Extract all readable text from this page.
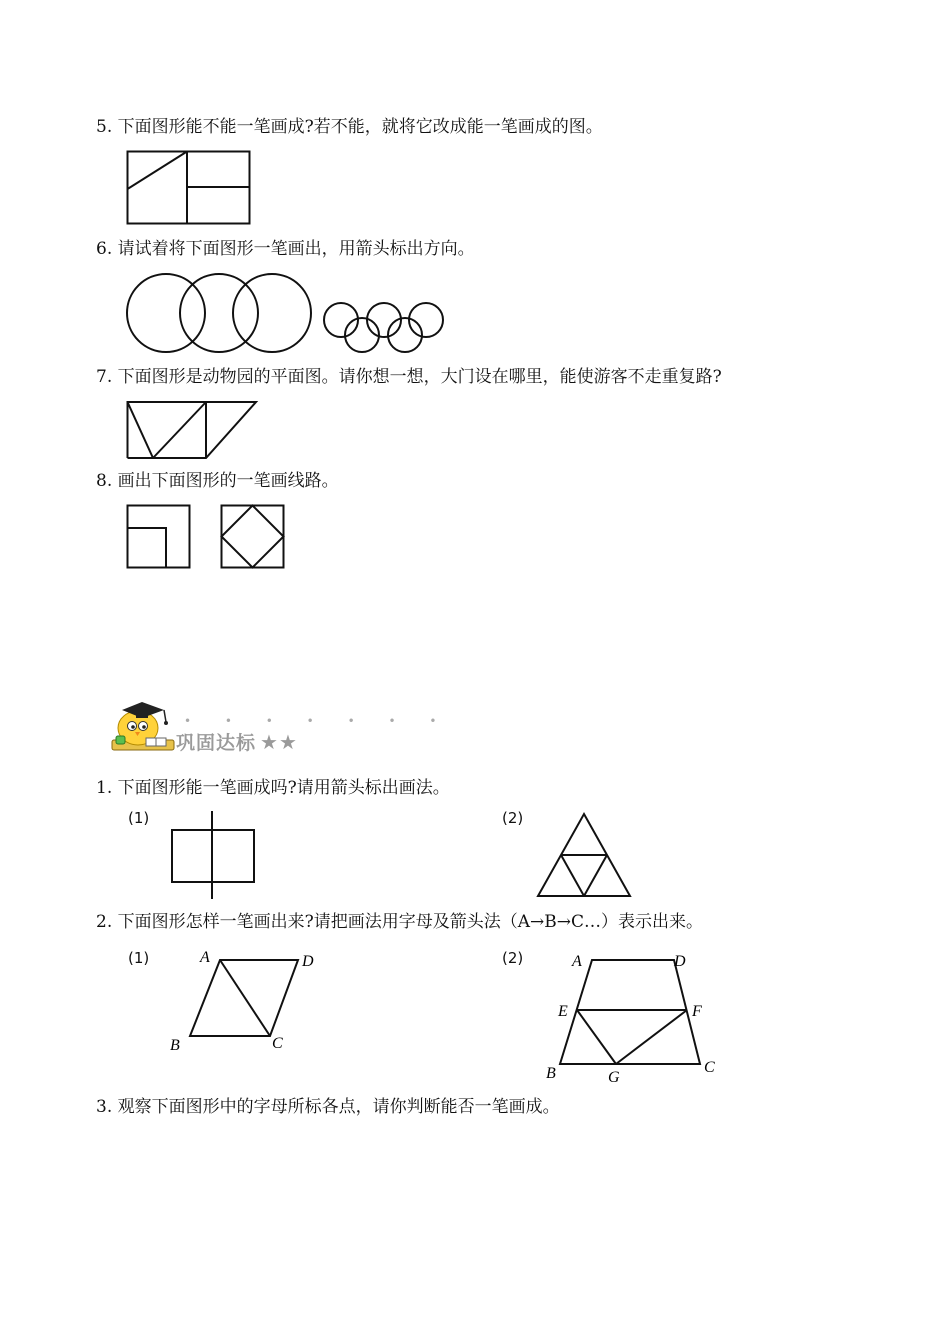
5. 下面图形能不能一笔画成?若不能，就将它改成能一笔画成的图。
6. 请试着将下面图形一笔画出，用箭头标出方向。
7. 下面图形是动物园的平面图。请你想一想，大门设在哪里，能使游客不走重复路?
8. 画出下面图形的一笔画线路。
• • • • • • •
巩固达标 ★★
1. 下面图形能一笔画成吗?请用箭头标出画法。
(1)	(2)
2. 下面图形怎样一笔画出来?请把画法用字母及箭头法（A→B→C…）表示出来。
(1)	A	D
B	C
(2)	A	D
E	F
B	G
C
3. 观察下面图形中的字母所标各点，请你判断能否一笔画成。
